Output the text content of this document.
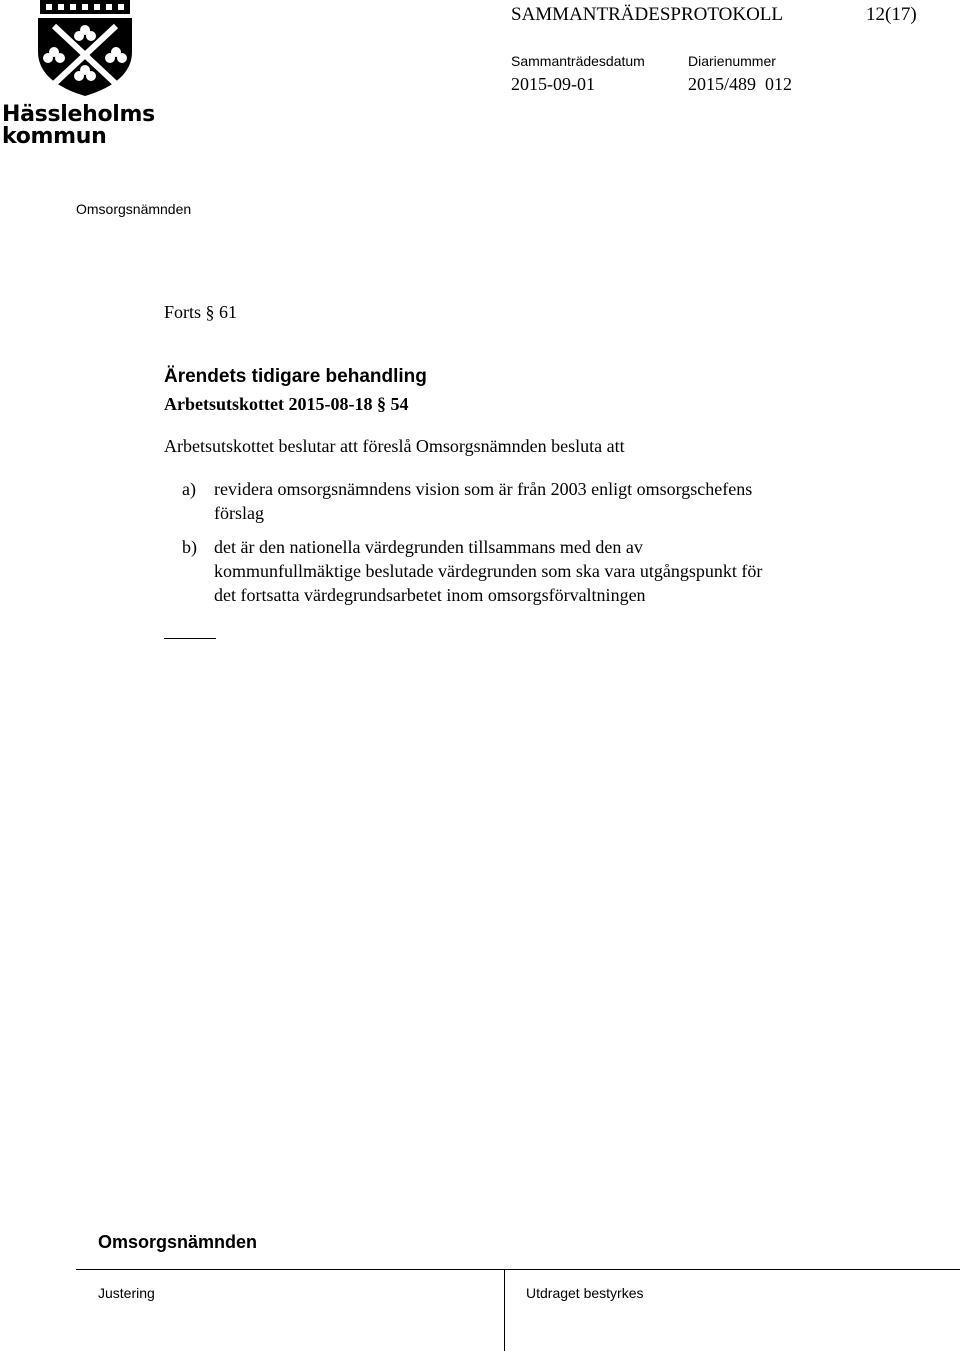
Hässleholms
kommun
SAMMANTRÄDESPROTOKOLL	12(17)
Sammanträdesdatum	Diarienummer
2015-09-01	2015/489  012
Omsorgsnämnden
Forts § 61
Ärendets tidigare behandling
Arbetsutskottet 2015-08-18 § 54
Arbetsutskottet beslutar att föreslå Omsorgsnämnden besluta att
a) revidera omsorgsnämndens vision som är från 2003 enligt omsorgschefens
förslag
b) det är den nationella värdegrunden tillsammans med den av
kommunfullmäktige beslutade värdegrunden som ska vara utgångspunkt för
det fortsatta värdegrundsarbetet inom omsorgsförvaltningen
Omsorgsnämnden
Justering	Utdraget bestyrkes
